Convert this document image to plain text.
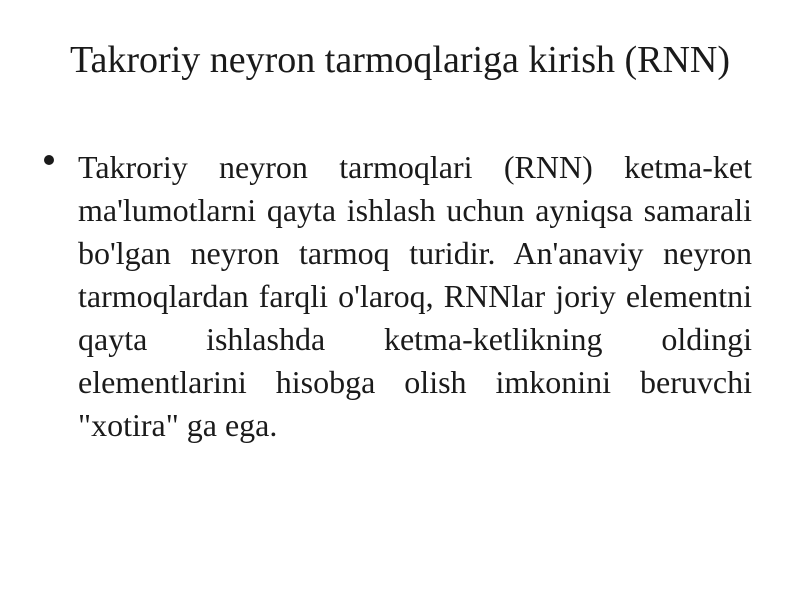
Takroriy neyron tarmoqlariga kirish (RNN)
Takroriy neyron tarmoqlari (RNN) ketma-ket ma'lumotlarni qayta ishlash uchun ayniqsa samarali bo'lgan neyron tarmoq turidir. An'anaviy neyron tarmoqlardan farqli o'laroq, RNNlar joriy elementni qayta ishlashda ketma-ketlikning oldingi elementlarini hisobga olish imkonini beruvchi "xotira" ga ega.
